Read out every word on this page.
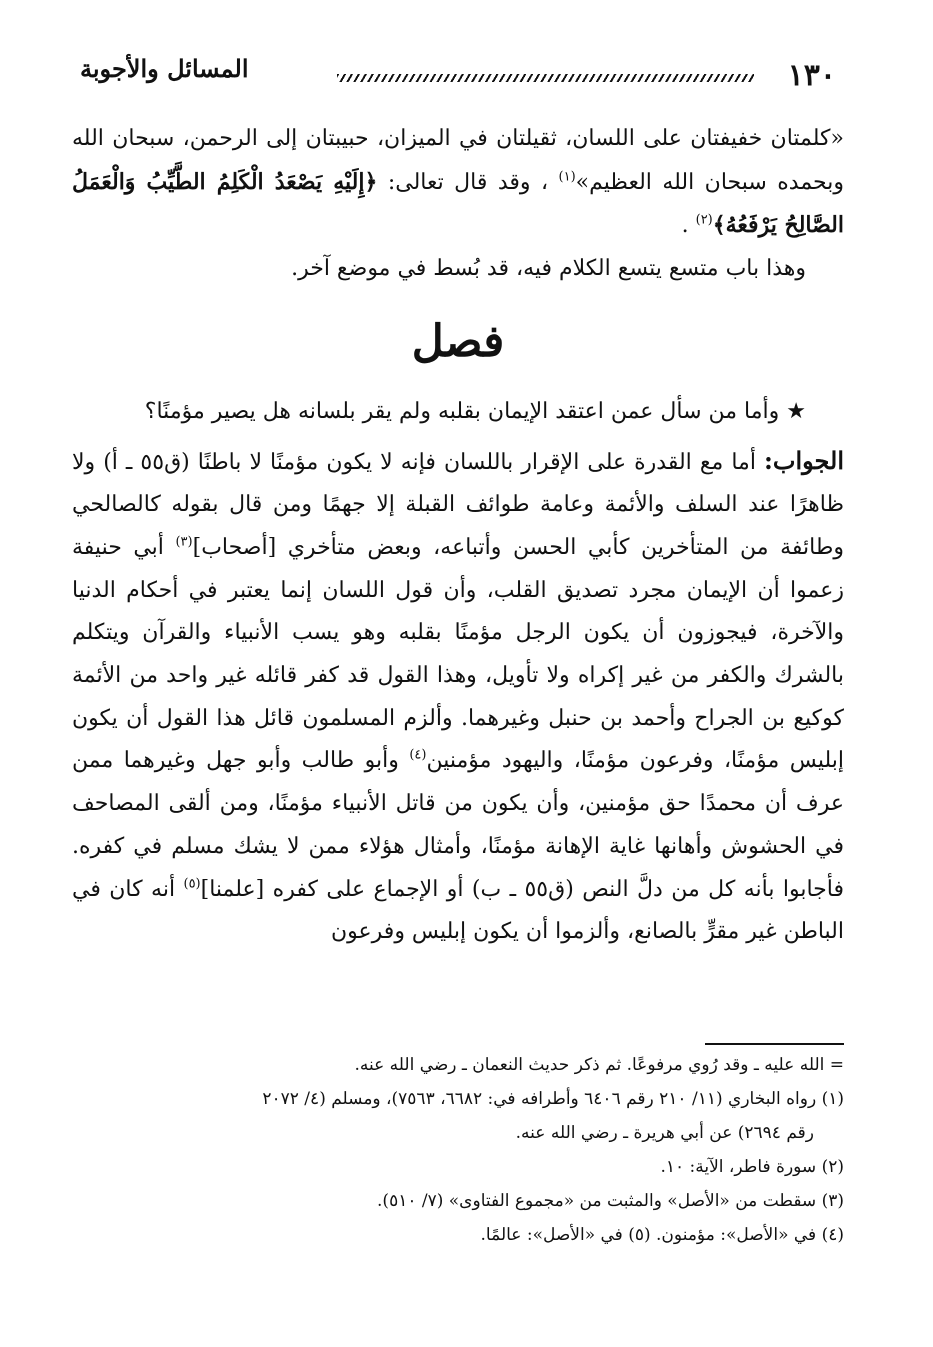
١٣٠
المسائل والأجوبة

«كلمتان خفيفتان على اللسان، ثقيلتان في الميزان، حبيبتان إلى الرحمن، سبحان الله وبحمده سبحان الله العظيم»$^{(١)}$ ، وقد قال تعالى: ﴿إِلَيْهِ يَصْعَدُ الْكَلِمُ الطَّيِّبُ وَالْعَمَلُ الصَّالِحُ يَرْفَعُهُ﴾$^{(٢)}$ .

وهذا باب متسع يتسع الكلام فيه، قد بُسط في موضع آخر.

فصل

★ وأما من سأل عمن اعتقد الإيمان بقلبه ولم يقر بلسانه هل يصير مؤمنًا؟

الجواب: أما مع القدرة على الإقرار باللسان فإنه لا يكون مؤمنًا لا باطنًا (ق٥٥ ـ أ) ولا ظاهرًا عند السلف والأئمة وعامة طوائف القبلة إلا جهمًا ومن قال بقوله كالصالحي وطائفة من المتأخرين كأبي الحسن وأتباعه، وبعض متأخري [أصحاب]$^{(٣)}$ أبي حنيفة زعموا أن الإيمان مجرد تصديق القلب، وأن قول اللسان إنما يعتبر في أحكام الدنيا والآخرة، فيجوزون أن يكون الرجل مؤمنًا بقلبه وهو يسب الأنبياء والقرآن ويتكلم بالشرك والكفر من غير إكراه ولا تأويل، وهذا القول قد كفر قائله غير واحد من الأئمة كوكيع بن الجراح وأحمد بن حنبل وغيرهما. وألزم المسلمون قائل هذا القول أن يكون إبليس مؤمنًا، وفرعون مؤمنًا، واليهود مؤمنين$^{(٤)}$ وأبو طالب وأبو جهل وغيرهما ممن عرف أن محمدًا حق مؤمنين، وأن يكون من قاتل الأنبياء مؤمنًا، ومن ألقى المصاحف في الحشوش وأهانها غاية الإهانة مؤمنًا، وأمثال هؤلاء ممن لا يشك مسلم في كفره. فأجابوا بأنه كل من دلَّ النص (ق٥٥ ـ ب) أو الإجماع على كفره [علمنا]$^{(٥)}$ أنه كان في الباطن غير مقرٍّ بالصانع، وألزموا أن يكون إبليس وفرعون

= الله عليه ـ وقد رُوي مرفوعًا. ثم ذكر حديث النعمان ـ رضي الله عنه.
(١) رواه البخاري (١١/ ٢١٠ رقم ٦٤٠٦ وأطرافه في: ٦٦٨٢، ٧٥٦٣)، ومسلم (٤/ ٢٠٧٢
رقم ٢٦٩٤) عن أبي هريرة ـ رضي الله عنه.
(٢) سورة فاطر، الآية: ١٠.
(٣) سقطت من «الأصل» والمثبت من «مجموع الفتاوى» (٧/ ٥١٠).
(٤) في «الأصل»: مؤمنون. (٥) في «الأصل»: عالمًا.
